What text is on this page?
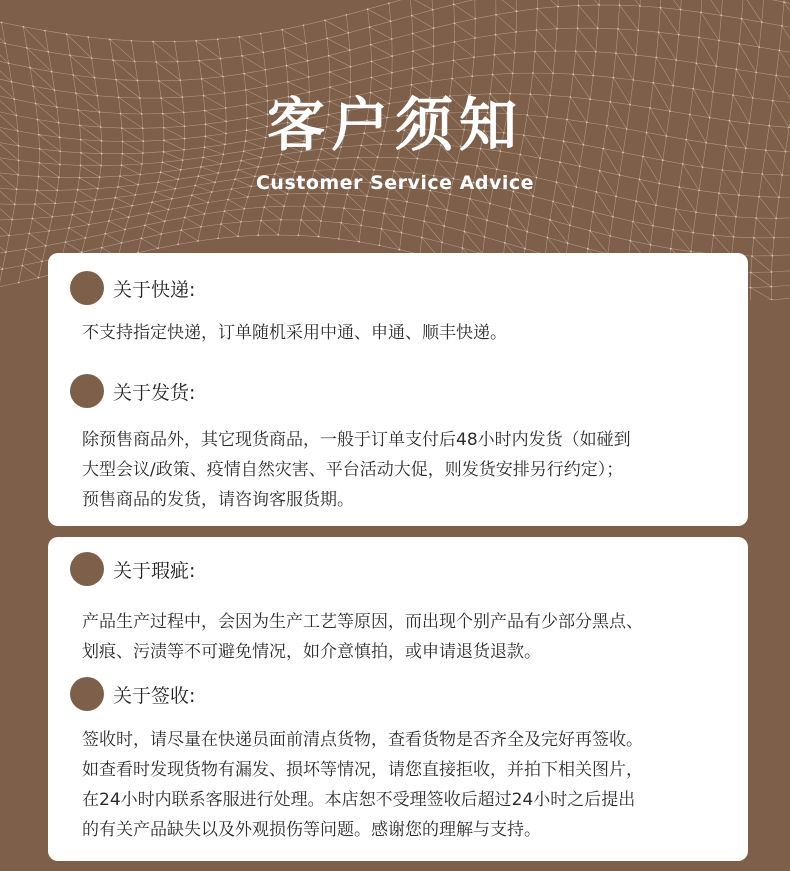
客户须知
Customer Service Advice
关于快递:
不支持指定快递，订单随机采用中通、申通、顺丰快递。
关于发货:
除预售商品外，其它现货商品，一般于订单支付后48小时内发货（如碰到
大型会议/政策、疫情自然灾害、平台活动大促，则发货安排另行约定）；
预售商品的发货，请咨询客服货期。
关于瑕疵:
产品生产过程中，会因为生产工艺等原因，而出现个别产品有少部分黑点、
划痕、污渍等不可避免情况，如介意慎拍，或申请退货退款。
关于签收:
签收时，请尽量在快递员面前清点货物，查看货物是否齐全及完好再签收。
如查看时发现货物有漏发、损坏等情况，请您直接拒收，并拍下相关图片，
在24小时内联系客服进行处理。本店恕不受理签收后超过24小时之后提出
的有关产品缺失以及外观损伤等问题。感谢您的理解与支持。
